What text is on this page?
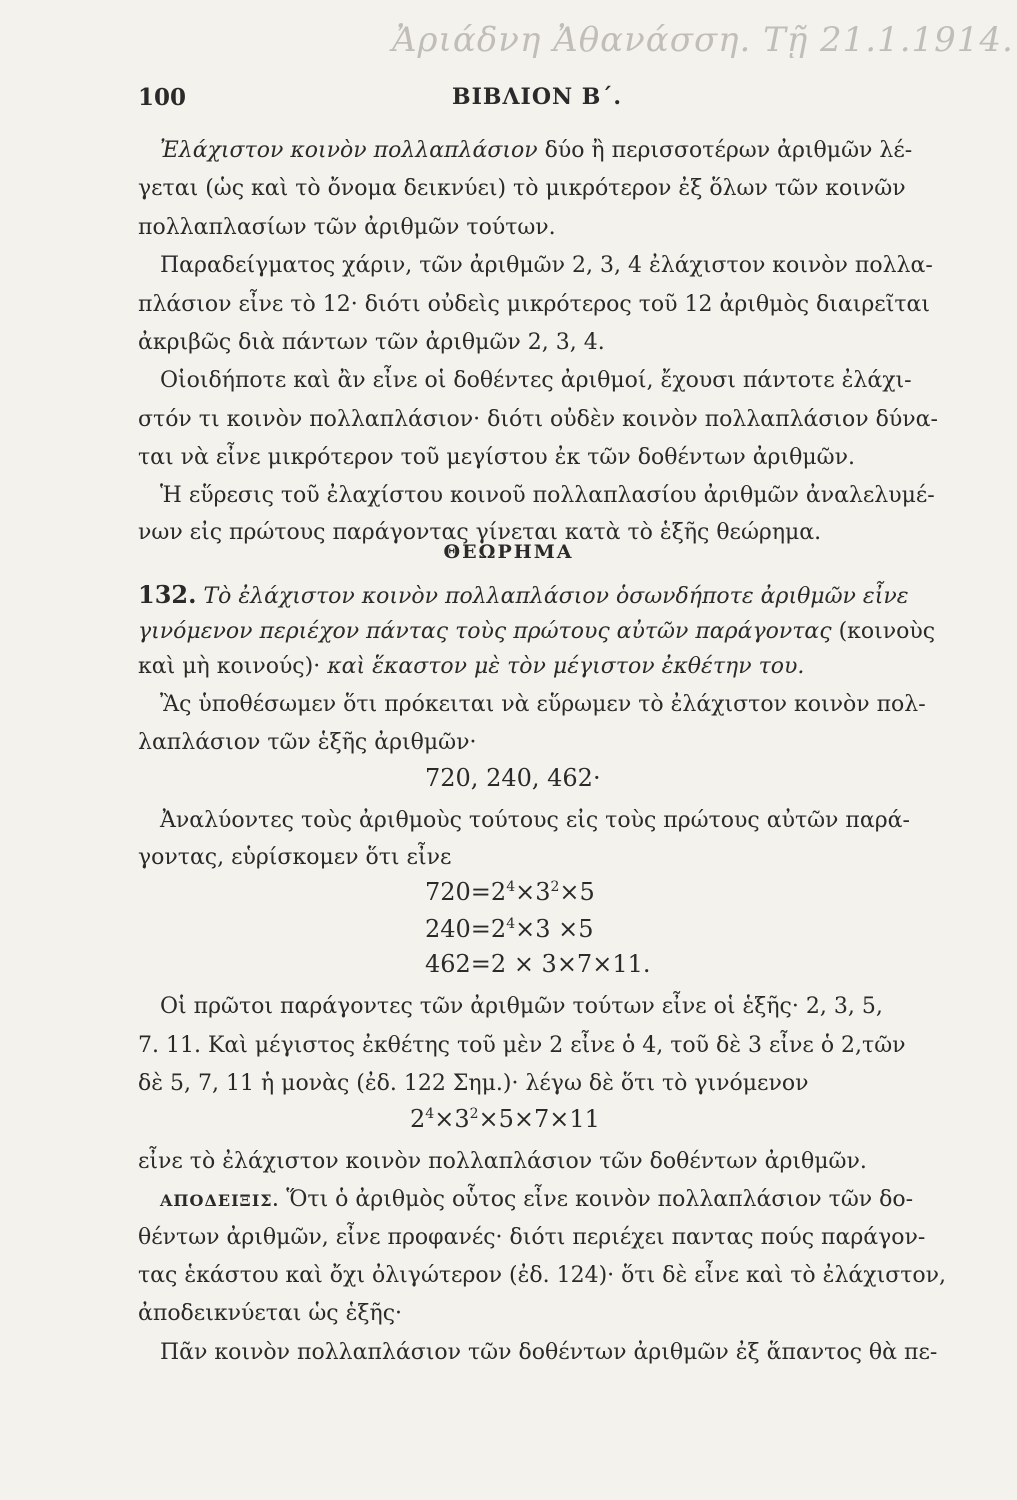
Ἀριάδνη Ἀθανάσση. Τῇ 21.1.1914.
100	ΒΙΒΛΙΟΝ Β΄.
Ἐλάχιστον κοινὸν πολλαπλάσιον δύο ἢ περισσοτέρων ἀριθμῶν λέ-
γεται (ὡς καὶ τὸ ὄνομα δεικνύει) τὸ μικρότερον ἐξ ὅλων τῶν κοινῶν
πολλαπλασίων τῶν ἀριθμῶν τούτων.
Παραδείγματος χάριν, τῶν ἀριθμῶν 2, 3, 4 ἐλάχιστον κοινὸν πολλα-
πλάσιον εἶνε τὸ 12· διότι οὐδεὶς μικρότερος τοῦ 12 ἀριθμὸς διαιρεῖται
ἀκριβῶς διὰ πάντων τῶν ἀριθμῶν 2, 3, 4.
Οἱοιδήποτε καὶ ἂν εἶνε οἱ δοθέντες ἀριθμοί, ἔχουσι πάντοτε ἐλάχι-
στόν τι κοινὸν πολλαπλάσιον· διότι οὐδὲν κοινὸν πολλαπλάσιον δύνα-
ται νὰ εἶνε μικρότερον τοῦ μεγίστου ἐκ τῶν δοθέντων ἀριθμῶν.
Ἡ εὕρεσις τοῦ ἐλαχίστου κοινοῦ πολλαπλασίου ἀριθμῶν ἀναλελυμέ-
νων εἰς πρώτους παράγοντας γίνεται κατὰ τὸ ἑξῆς θεώρημα.
ΘΕΩΡΗΜΑ
132. Τὸ ἐλάχιστον κοινὸν πολλαπλάσιον ὁσωνδήποτε ἀριθμῶν εἶνε
γινόμενον περιέχον πάντας τοὺς πρώτους αὐτῶν παράγοντας (κοινοὺς
καὶ μὴ κοινούς)· καὶ ἕκαστον μὲ τὸν μέγιστον ἐκθέτην του.
Ἂς ὑποθέσωμεν ὅτι πρόκειται νὰ εὕρωμεν τὸ ἐλάχιστον κοινὸν πολ-
λαπλάσιον τῶν ἑξῆς ἀριθμῶν·
720, 240, 462·
Ἀναλύοντες τοὺς ἀριθμοὺς τούτους εἰς τοὺς πρώτους αὐτῶν παρά-
γοντας, εὑρίσκομεν ὅτι εἶνε
$720=2^4\times 3^2\times 5$
$240=2^4\times 3 \times 5$
462=2 × 3×7×11.
Οἱ πρῶτοι παράγοντες τῶν ἀριθμῶν τούτων εἶνε οἱ ἑξῆς· 2, 3, 5,
7. 11. Καὶ μέγιστος ἐκθέτης τοῦ μὲν 2 εἶνε ὁ 4, τοῦ δὲ 3 εἶνε ὁ 2,τῶν
δὲ 5, 7, 11 ἡ μονὰς (ἐδ. 122 Σημ.)· λέγω δὲ ὅτι τὸ γινόμενον
$2^4\times 3^2\times 5\times 7\times 11$
εἶνε τὸ ἐλάχιστον κοινὸν πολλαπλάσιον τῶν δοθέντων ἀριθμῶν.
ΑΠΟΔΕΙΞΙΣ. Ὅτι ὁ ἀριθμὸς οὗτος εἶνε κοινὸν πολλαπλάσιον τῶν δο-
θέντων ἀριθμῶν, εἶνε προφανές· διότι περιέχει παντας πούς παράγον-
τας ἑκάστου καὶ ὄχι ὀλιγώτερον (ἐδ. 124)· ὅτι δὲ εἶνε καὶ τὸ ἐλάχιστον,
ἀποδεικνύεται ὡς ἑξῆς·
Πᾶν κοινὸν πολλαπλάσιον τῶν δοθέντων ἀριθμῶν ἐξ ἅπαντος θὰ πε-
